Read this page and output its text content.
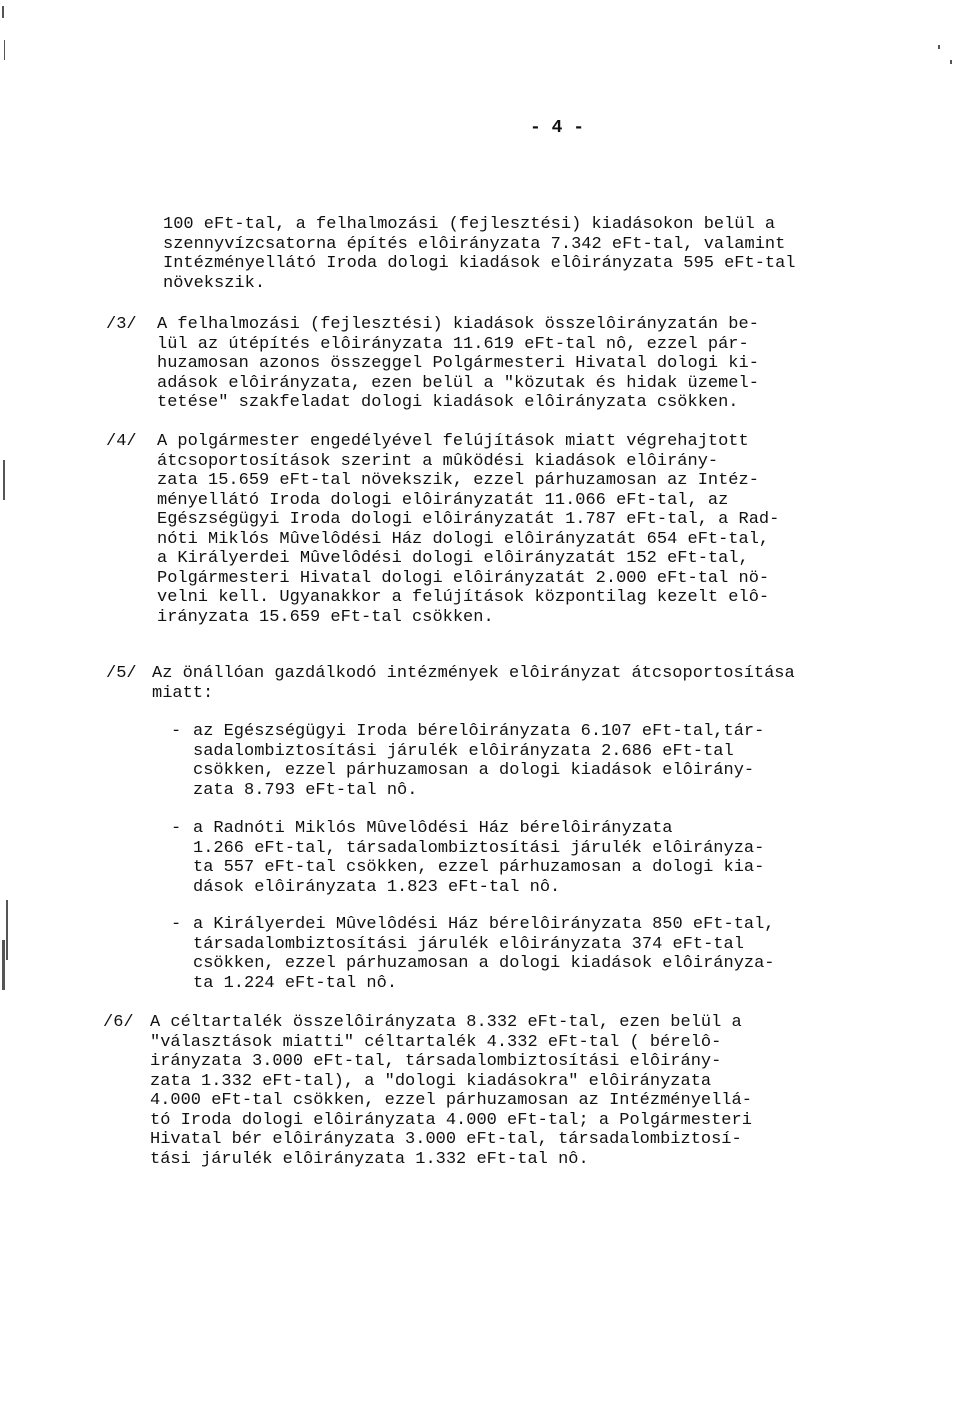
- 4 -
100 eFt-tal, a felhalmozási (fejlesztési) kiadásokon belül a
szennyvízcsatorna építés elôirányzata 7.342 eFt-tal, valamint
Intézményellátó Iroda dologi kiadások elôirányzata 595 eFt-tal
növekszik.
/3/ A felhalmozási (fejlesztési) kiadások összelôirányzatán be-
lül az útépítés elôirányzata 11.619 eFt-tal nô, ezzel pár-
huzamosan azonos összeggel Polgármesteri Hivatal dologi ki-
adások elôirányzata, ezen belül a "közutak és hidak üzemel-
tetése" szakfeladat dologi kiadások elôirányzata csökken.
/4/ A polgármester engedélyével felújítások miatt végrehajtott
átcsoportosítások szerint a mûködési kiadások elôirány-
zata 15.659 eFt-tal növekszik, ezzel párhuzamosan az Intéz-
ményellátó Iroda dologi elôirányzatát 11.066 eFt-tal, az
Egészségügyi Iroda dologi elôirányzatát 1.787 eFt-tal, a Rad-
nóti Miklós Mûvelôdési Ház dologi elôirányzatát 654 eFt-tal,
a Királyerdei Mûvelôdési dologi elôirányzatát 152 eFt-tal,
Polgármesteri Hivatal dologi elôirányzatát 2.000 eFt-tal nö-
velni kell. Ugyanakkor a felújítások központilag kezelt elô-
irányzata 15.659 eFt-tal csökken.
/5/ Az önállóan gazdálkodó intézmények elôirányzat átcsoportosítása
miatt:
- az Egészségügyi Iroda bérelôirányzata 6.107 eFt-tal,tár-
sadalombiztosítási járulék elôirányzata 2.686 eFt-tal
csökken, ezzel párhuzamosan a dologi kiadások elôirány-
zata 8.793 eFt-tal nô.
- a Radnóti Miklós Mûvelôdési Ház bérelôirányzata
1.266 eFt-tal, társadalombiztosítási járulék elôirányza-
ta 557 eFt-tal csökken, ezzel párhuzamosan a dologi kia-
dások elôirányzata 1.823 eFt-tal nô.
- a Királyerdei Mûvelôdési Ház bérelôirányzata 850 eFt-tal,
társadalombiztosítási járulék elôirányzata 374 eFt-tal
csökken, ezzel párhuzamosan a dologi kiadások elôirányza-
ta 1.224 eFt-tal nô.
/6/ A céltartalék összelôirányzata 8.332 eFt-tal, ezen belül a
"választások miatti" céltartalék 4.332 eFt-tal ( bérelô-
irányzata 3.000 eFt-tal, társadalombiztosítási elôirány-
zata 1.332 eFt-tal), a "dologi kiadásokra" elôirányzata
4.000 eFt-tal csökken, ezzel párhuzamosan az Intézményellá-
tó Iroda dologi elôirányzata 4.000 eFt-tal; a Polgármesteri
Hivatal bér elôirányzata 3.000 eFt-tal, társadalombiztosí-
tási járulék elôirányzata 1.332 eFt-tal nô.
